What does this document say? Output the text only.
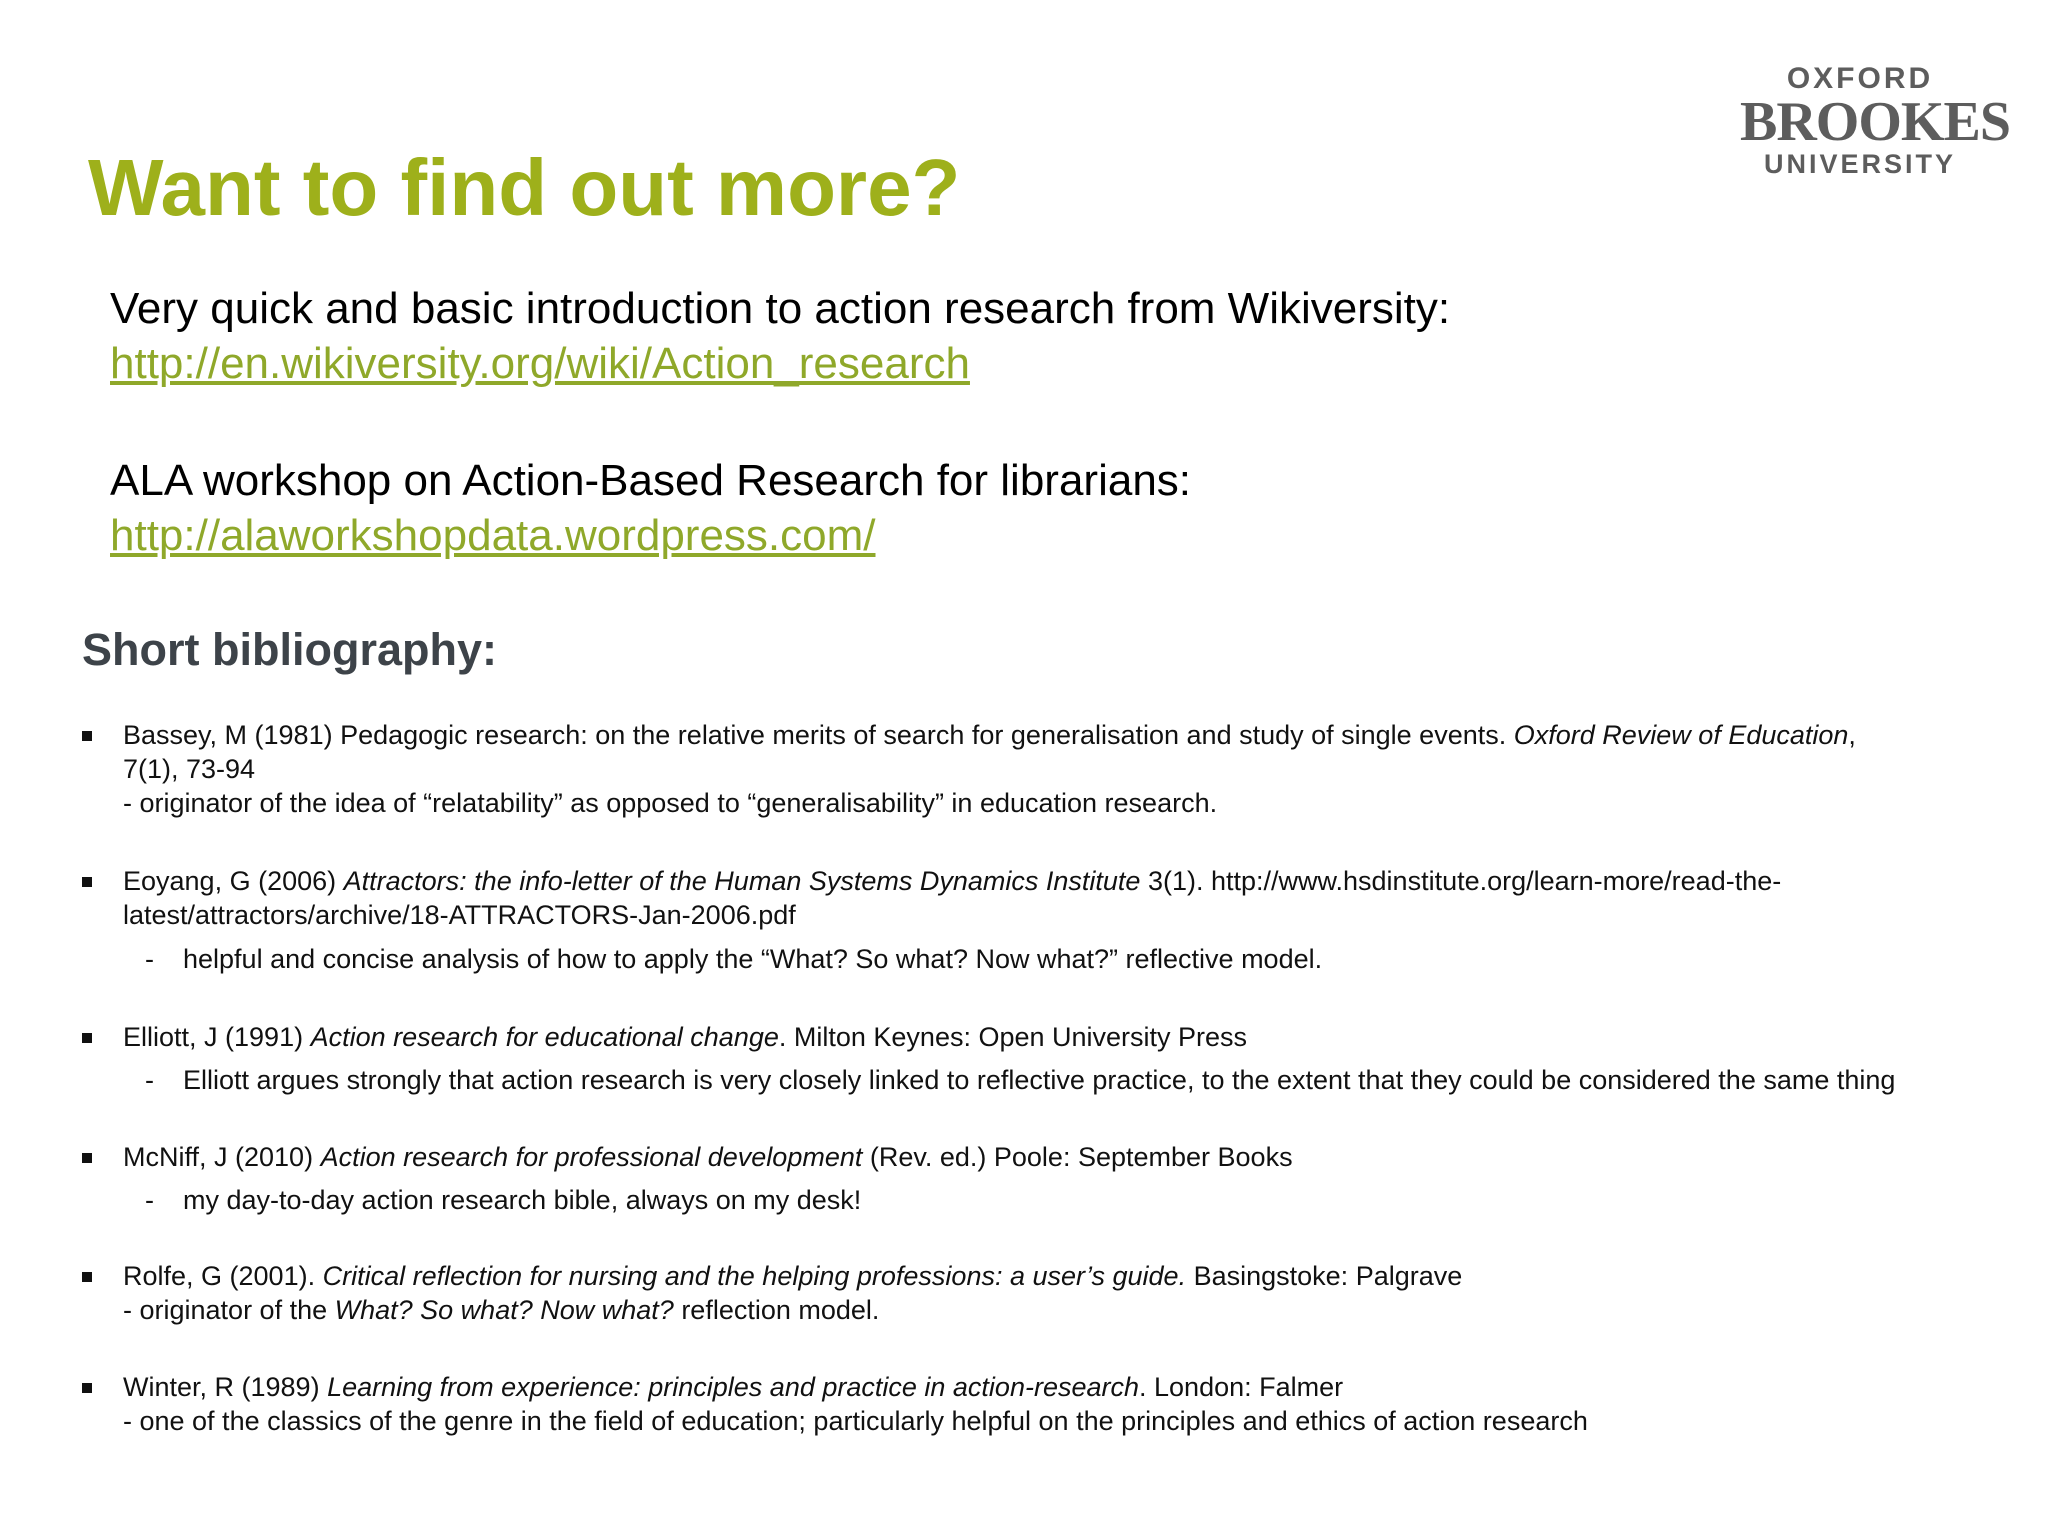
OXFORD
BROOKES
UNIVERSITY
Want to find out more?
Very quick and basic introduction to action research from Wikiversity:
http://en.wikiversity.org/wiki/Action_research
ALA workshop on Action-Based Research for librarians:
http://alaworkshopdata.wordpress.com/
Short bibliography:
Bassey, M (1981) Pedagogic research: on the relative merits of search for generalisation and study of single events. Oxford Review of Education,
7(1), 73-94
- originator of the idea of “relatability” as opposed to “generalisability” in education research.
Eoyang, G (2006) Attractors: the info-letter of the Human Systems Dynamics Institute 3(1). http://www.hsdinstitute.org/learn-more/read-the-
latest/attractors/archive/18-ATTRACTORS-Jan-2006.pdf
- helpful and concise analysis of how to apply the “What? So what? Now what?” reflective model.
Elliott, J (1991) Action research for educational change. Milton Keynes: Open University Press
- Elliott argues strongly that action research is very closely linked to reflective practice, to the extent that they could be considered the same thing
McNiff, J (2010) Action research for professional development (Rev. ed.) Poole: September Books
- my day-to-day action research bible, always on my desk!
Rolfe, G (2001). Critical reflection for nursing and the helping professions: a user’s guide. Basingstoke: Palgrave
- originator of the What? So what? Now what? reflection model.
Winter, R (1989) Learning from experience: principles and practice in action-research. London: Falmer
- one of the classics of the genre in the field of education; particularly helpful on the principles and ethics of action research
